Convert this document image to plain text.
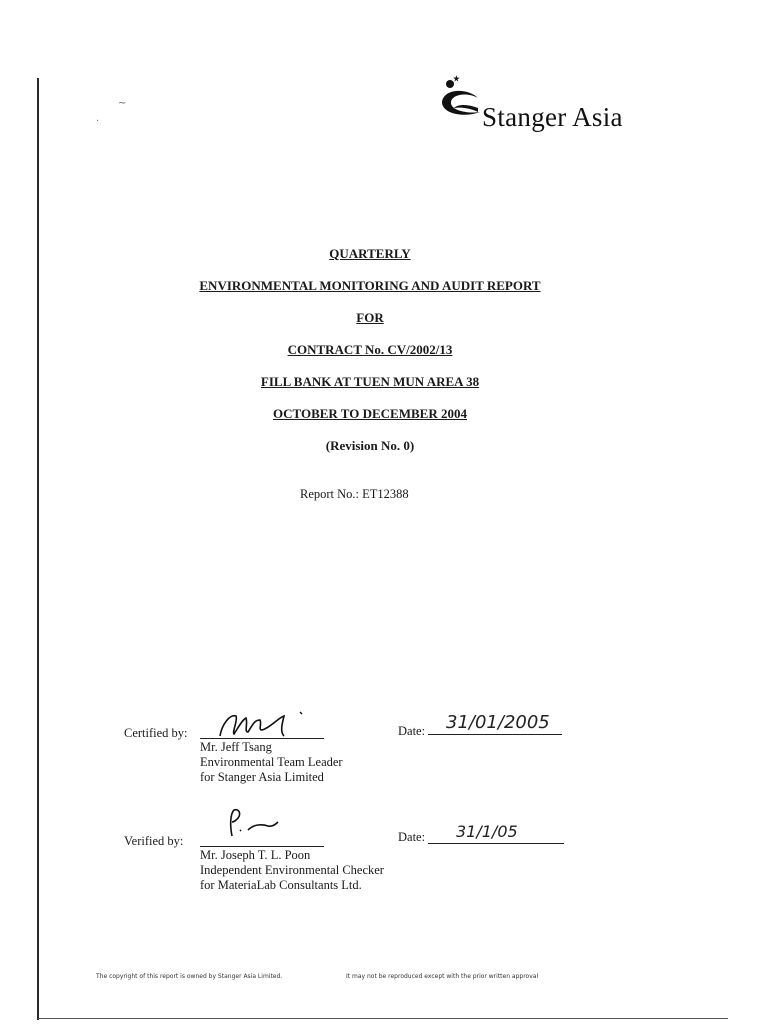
~
·	Stanger Asia
QUARTERLY
ENVIRONMENTAL MONITORING AND AUDIT REPORT
FOR
CONTRACT No. CV/2002/13
FILL BANK AT TUEN MUN AREA 38
OCTOBER TO DECEMBER 2004
(Revision No. 0)
Report No.: ET12388
Certified by:
Mr. Jeff Tsang
Environmental Team Leader
for Stanger Asia Limited
Date: 31/01/2005
Verified by:
Mr. Joseph T. L. Poon
Independent Environmental Checker
for MateriaLab Consultants Ltd.
Date: 31/1/05
The copyright of this report is owned by Stanger Asia Limited.	It may not be reproduced except with the prior written approval
